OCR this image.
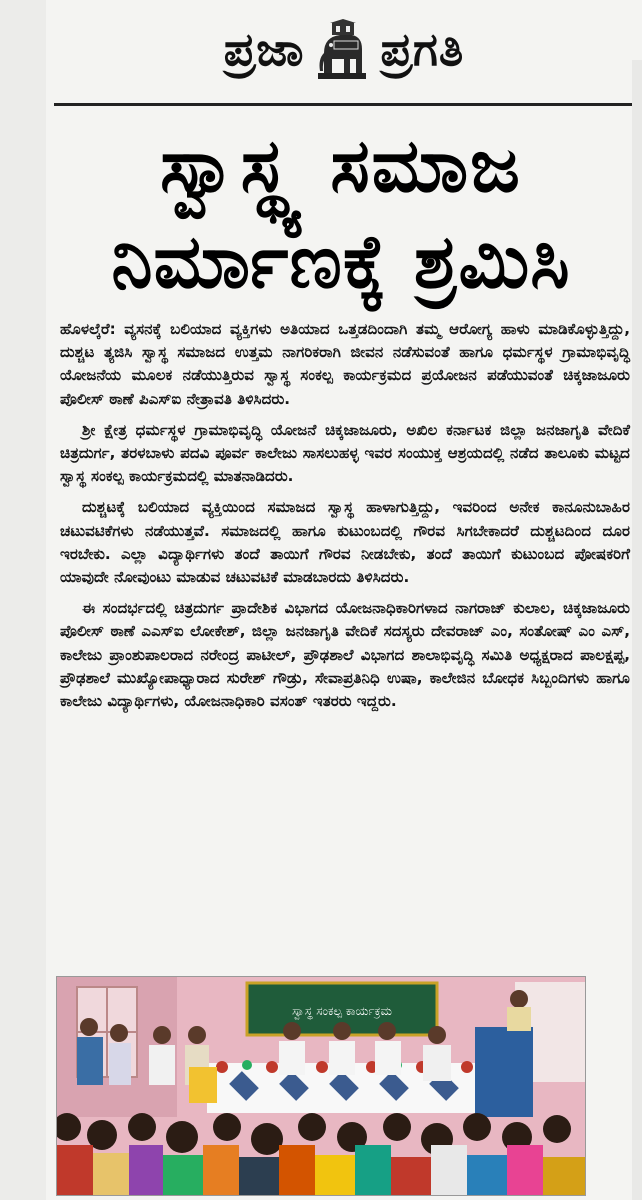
ಪ್ರಜಾ ಪ್ರಗತಿ
ಸ್ವಾಸ್ಥ್ಯ ಸಮಾಜ
ನಿರ್ಮಾಣಕ್ಕೆ ಶ್ರಮಿಸಿ

ಹೊಳಲ್ಕೆರೆ: ವ್ಯಸನಕ್ಕೆ ಬಲಿಯಾದ ವ್ಯಕ್ತಿಗಳು ಅತಿಯಾದ ಒತ್ತಡದಿಂದಾಗಿ ತಮ್ಮ ಆರೋಗ್ಯ ಹಾಳು ಮಾಡಿಕೊಳ್ಳುತ್ತಿದ್ದು, ದುಶ್ಚಟ ತ್ಯಜಿಸಿ ಸ್ವಾಸ್ಥ ಸಮಾಜದ ಉತ್ತಮ ನಾಗರಿಕರಾಗಿ ಜೀವನ ನಡೆಸುವಂತೆ ಹಾಗೂ ಧರ್ಮಸ್ಥಳ ಗ್ರಾಮಾಭಿವೃದ್ಧಿ ಯೋಜನೆಯ ಮೂಲಕ ನಡೆಯುತ್ತಿರುವ ಸ್ವಾಸ್ಥ ಸಂಕಲ್ಪ ಕಾರ್ಯಕ್ರಮದ ಪ್ರಯೋಜನ ಪಡೆಯುವಂತೆ ಚಿಕ್ಕಜಾಜೂರು ಪೊಲೀಸ್ ಠಾಣೆ ಪಿಎಸ್‌ಐ ನೇತ್ರಾವತಿ ತಿಳಿಸಿದರು.

ಶ್ರೀ ಕ್ಷೇತ್ರ ಧರ್ಮಸ್ಥಳ ಗ್ರಾಮಾಭಿವೃದ್ಧಿ ಯೋಜನೆ ಚಿಕ್ಕಜಾಜೂರು, ಅಖಿಲ ಕರ್ನಾಟಕ ಜಿಲ್ಲಾ ಜನಜಾಗೃತಿ ವೇದಿಕೆ ಚಿತ್ರದುರ್ಗ, ತರಳಬಾಳು ಪದವಿ ಪೂರ್ವ ಕಾಲೇಜು ಸಾಸಲುಹಳ್ಳ ಇವರ ಸಂಯುಕ್ತ ಆಶ್ರಯದಲ್ಲಿ ನಡೆದ ತಾಲೂಕು ಮಟ್ಟದ ಸ್ವಾಸ್ಥ ಸಂಕಲ್ಪ ಕಾರ್ಯಕ್ರಮದಲ್ಲಿ ಮಾತನಾಡಿದರು.

ದುಶ್ಚಟಕ್ಕೆ ಬಲಿಯಾದ ವ್ಯಕ್ತಿಯಿಂದ ಸಮಾಜದ ಸ್ವಾಸ್ಥ ಹಾಳಾಗುತ್ತಿದ್ದು, ಇವರಿಂದ ಅನೇಕ ಕಾನೂನುಬಾಹಿರ ಚಟುವಟಿಕೆಗಳು ನಡೆಯುತ್ತವೆ. ಸಮಾಜದಲ್ಲಿ ಹಾಗೂ ಕುಟುಂಬದಲ್ಲಿ ಗೌರವ ಸಿಗಬೇಕಾದರೆ ದುಶ್ಚಟದಿಂದ ದೂರ ಇರಬೇಕು. ಎಲ್ಲಾ ವಿದ್ಯಾರ್ಥಿಗಳು ತಂದೆ ತಾಯಿಗೆ ಗೌರವ ನೀಡಬೇಕು, ತಂದೆ ತಾಯಿಗೆ ಕುಟುಂಬದ ಪೋಷಕರಿಗೆ ಯಾವುದೇ ನೋವುಂಟು ಮಾಡುವ ಚಟುವಟಿಕೆ ಮಾಡಬಾರದು ತಿಳಿಸಿದರು.

ಈ ಸಂದರ್ಭದಲ್ಲಿ ಚಿತ್ರದುರ್ಗ ಪ್ರಾದೇಶಿಕ ವಿಭಾಗದ ಯೋಜನಾಧಿಕಾರಿಗಳಾದ ನಾಗರಾಜ್ ಕುಲಾಲ, ಚಿಕ್ಕಜಾಜೂರು ಪೊಲೀಸ್ ಠಾಣೆ ಎಎಸ್‌ಐ ಲೋಕೇಶ್, ಜಿಲ್ಲಾ ಜನಜಾಗೃತಿ ವೇದಿಕೆ ಸದಸ್ಯರು ದೇವರಾಜ್ ಎಂ, ಸಂತೋಷ್ ಎಂ ಎಸ್, ಕಾಲೇಜು ಪ್ರಾಂಶುಪಾಲರಾದ ನರೇಂದ್ರ ಪಾಟೀಲ್, ಪ್ರೌಢಶಾಲೆ ವಿಭಾಗದ ಶಾಲಾಭಿವೃದ್ಧಿ ಸಮಿತಿ ಅಧ್ಯಕ್ಷರಾದ ಪಾಲಕ್ಷಪ್ಪ, ಪ್ರೌಢಶಾಲೆ ಮುಖ್ಯೋಪಾಧ್ಯಾರಾದ ಸುರೇಶ್ ಗೌಡ್ರು, ಸೇವಾಪ್ರತಿನಿಧಿ ಉಷಾ, ಕಾಲೇಜಿನ ಬೋಧಕ ಸಿಬ್ಬಂದಿಗಳು ಹಾಗೂ ಕಾಲೇಜು ವಿದ್ಯಾರ್ಥಿಗಳು, ಯೋಜನಾಧಿಕಾರಿ ವಸಂತ್ ಇತರರು ಇದ್ದರು.

ಸ್ವಾಸ್ಥ ಸಂಕಲ್ಪ ಕಾರ್ಯಕ್ರಮ
